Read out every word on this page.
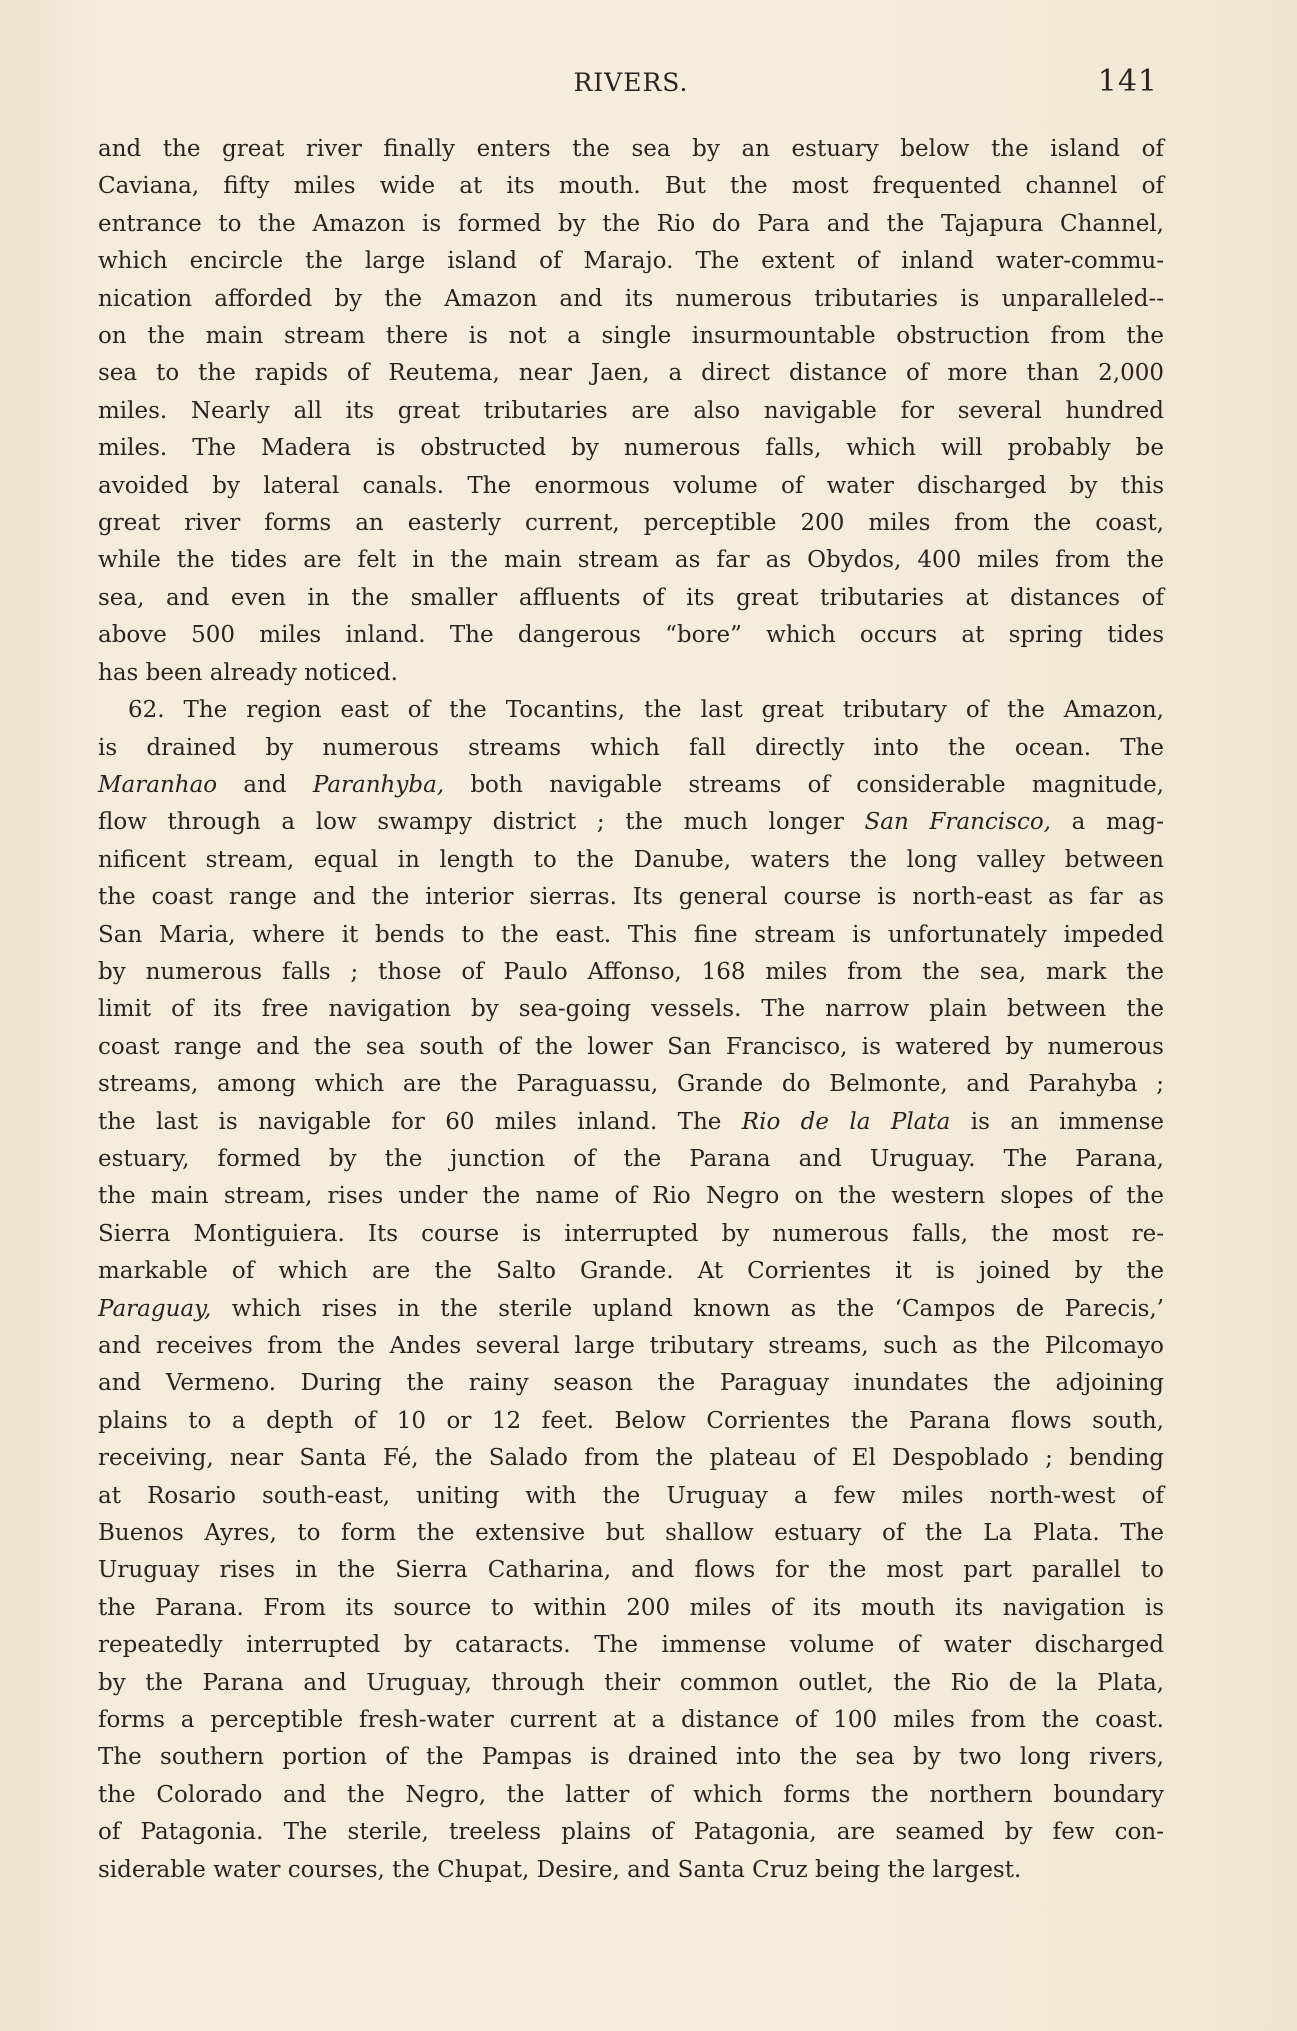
RIVERS.	141
and the great river finally enters the sea by an estuary below the island of
Caviana, fifty miles wide at its mouth. But the most frequented channel of
entrance to the Amazon is formed by the Rio do Para and the Tajapura Channel,
which encircle the large island of Marajo. The extent of inland water-commu-
nication afforded by the Amazon and its numerous tributaries is unparalleled--
on the main stream there is not a single insurmountable obstruction from the
sea to the rapids of Reutema, near Jaen, a direct distance of more than 2,000
miles. Nearly all its great tributaries are also navigable for several hundred
miles. The Madera is obstructed by numerous falls, which will probably be
avoided by lateral canals. The enormous volume of water discharged by this
great river forms an easterly current, perceptible 200 miles from the coast,
while the tides are felt in the main stream as far as Obydos, 400 miles from the
sea, and even in the smaller affluents of its great tributaries at distances of
above 500 miles inland. The dangerous “bore” which occurs at spring tides
has been already noticed.
62. The region east of the Tocantins, the last great tributary of the Amazon,
is drained by numerous streams which fall directly into the ocean. The
Maranhao and Paranhyba, both navigable streams of considerable magnitude,
flow through a low swampy district ; the much longer San Francisco, a mag-
nificent stream, equal in length to the Danube, waters the long valley between
the coast range and the interior sierras. Its general course is north-east as far as
San Maria, where it bends to the east. This fine stream is unfortunately impeded
by numerous falls ; those of Paulo Affonso, 168 miles from the sea, mark the
limit of its free navigation by sea-going vessels. The narrow plain between the
coast range and the sea south of the lower San Francisco, is watered by numerous
streams, among which are the Paraguassu, Grande do Belmonte, and Parahyba ;
the last is navigable for 60 miles inland. The Rio de la Plata is an immense
estuary, formed by the junction of the Parana and Uruguay. The Parana,
the main stream, rises under the name of Rio Negro on the western slopes of the
Sierra Montiguiera. Its course is interrupted by numerous falls, the most re-
markable of which are the Salto Grande. At Corrientes it is joined by the
Paraguay, which rises in the sterile upland known as the ‘Campos de Parecis,’
and receives from the Andes several large tributary streams, such as the Pilcomayo
and Vermeno. During the rainy season the Paraguay inundates the adjoining
plains to a depth of 10 or 12 feet. Below Corrientes the Parana flows south,
receiving, near Santa Fé, the Salado from the plateau of El Despoblado ; bending
at Rosario south-east, uniting with the Uruguay a few miles north-west of
Buenos Ayres, to form the extensive but shallow estuary of the La Plata. The
Uruguay rises in the Sierra Catharina, and flows for the most part parallel to
the Parana. From its source to within 200 miles of its mouth its navigation is
repeatedly interrupted by cataracts. The immense volume of water discharged
by the Parana and Uruguay, through their common outlet, the Rio de la Plata,
forms a perceptible fresh-water current at a distance of 100 miles from the coast.
The southern portion of the Pampas is drained into the sea by two long rivers,
the Colorado and the Negro, the latter of which forms the northern boundary
of Patagonia. The sterile, treeless plains of Patagonia, are seamed by few con-
siderable water courses, the Chupat, Desire, and Santa Cruz being the largest.
